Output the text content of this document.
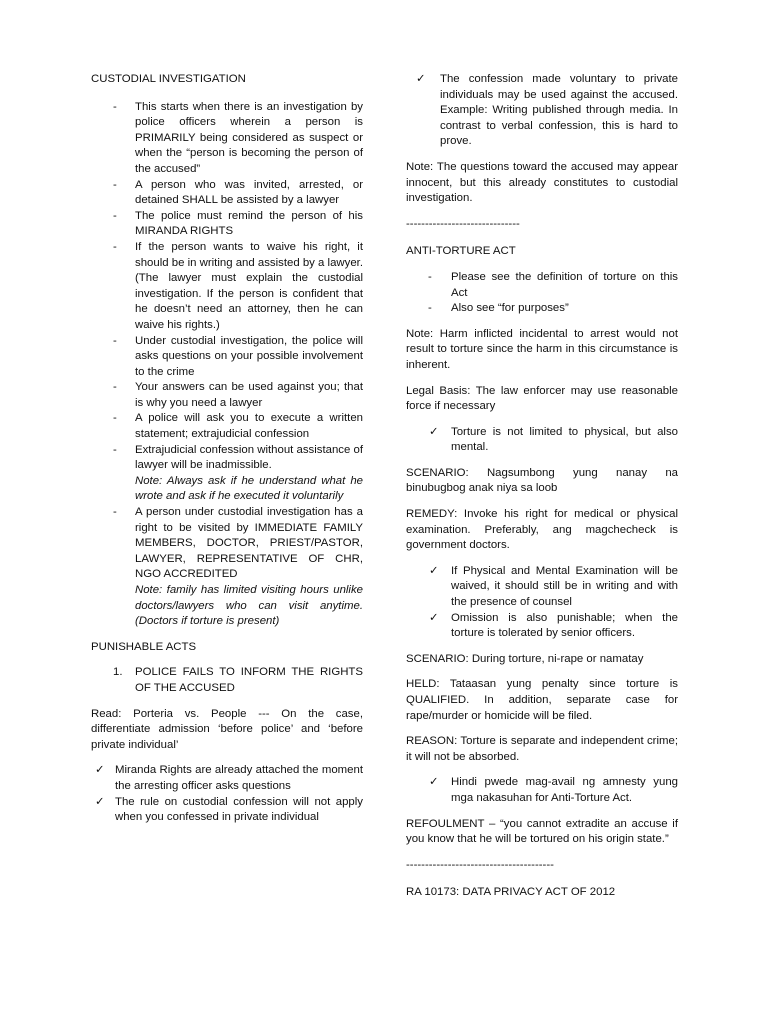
CUSTODIAL INVESTIGATION

- This starts when there is an investigation by police officers wherein a person is PRIMARILY being considered as suspect or when the “person is becoming the person of the accused”
- A person who was invited, arrested, or detained SHALL be assisted by a lawyer
- The police must remind the person of his MIRANDA RIGHTS
- If the person wants to waive his right, it should be in writing and assisted by a lawyer. (The lawyer must explain the custodial investigation. If the person is confident that he doesn’t need an attorney, then he can waive his rights.)
- Under custodial investigation, the police will asks questions on your possible involvement to the crime
- Your answers can be used against you; that is why you need a lawyer
- A police will ask you to execute a written statement; extrajudicial confession
- Extrajudicial confession without assistance of lawyer will be inadmissible.
Note: Always ask if he understand what he wrote and ask if he executed it voluntarily
- A person under custodial investigation has a right to be visited by IMMEDIATE FAMILY MEMBERS, DOCTOR, PRIEST/PASTOR, LAWYER, REPRESENTATIVE OF CHR, NGO ACCREDITED
Note: family has limited visiting hours unlike doctors/lawyers who can visit anytime. (Doctors if torture is present)

PUNISHABLE ACTS

1. POLICE FAILS TO INFORM THE RIGHTS OF THE ACCUSED

Read: Porteria vs. People --- On the case, differentiate admission ‘before police’ and ‘before private individual’

✓ Miranda Rights are already attached the moment the arresting officer asks questions
✓ The rule on custodial confession will not apply when you confessed in private individual
✓ The confession made voluntary to private individuals may be used against the accused. Example: Writing published through media. In contrast to verbal confession, this is hard to prove.

Note: The questions toward the accused may appear innocent, but this already constitutes to custodial investigation.

------------------------------

ANTI-TORTURE ACT

- Please see the definition of torture on this Act
- Also see “for purposes”

Note: Harm inflicted incidental to arrest would not result to torture since the harm in this circumstance is inherent.

Legal Basis: The law enforcer may use reasonable force if necessary

✓ Torture is not limited to physical, but also mental.

SCENARIO: Nagsumbong yung nanay na binubugbog anak niya sa loob

REMEDY: Invoke his right for medical or physical examination. Preferably, ang magchecheck is government doctors.

✓ If Physical and Mental Examination will be waived, it should still be in writing and with the presence of counsel
✓ Omission is also punishable; when the torture is tolerated by senior officers.

SCENARIO: During torture, ni-rape or namatay

HELD: Tataasan yung penalty since torture is QUALIFIED. In addition, separate case for rape/murder or homicide will be filed.

REASON: Torture is separate and independent crime; it will not be absorbed.

✓ Hindi pwede mag-avail ng amnesty yung mga nakasuhan for Anti-Torture Act.

REFOULMENT – “you cannot extradite an accuse if you know that he will be tortured on his origin state.”

---------------------------------------

RA 10173: DATA PRIVACY ACT OF 2012
